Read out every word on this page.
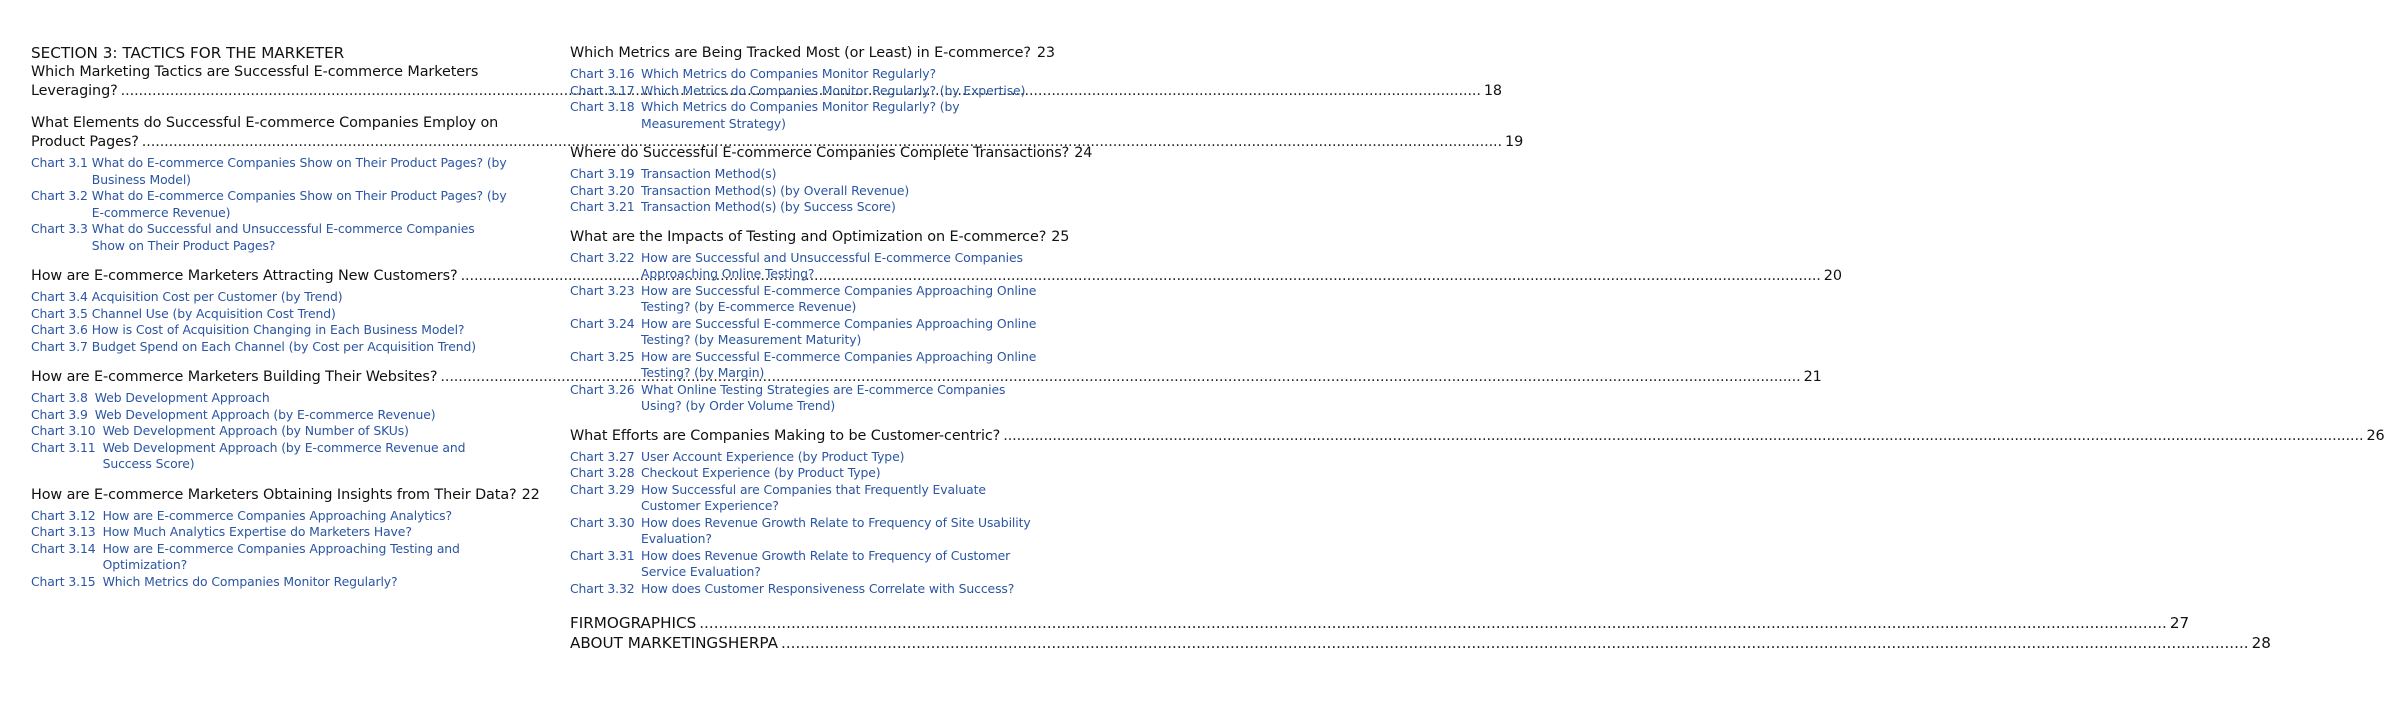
SECTION 3: TACTICS FOR THE MARKETER
Which Marketing Tactics are Successful E-commerce Marketers
Leveraging? .....	18
What Elements do Successful E-commerce Companies Employ on
Product Pages? .....	19
Chart 3.1 What do E-commerce Companies Show on Their Product Pages? (by Business Model)
Chart 3.2 What do E-commerce Companies Show on Their Product Pages? (by E-commerce Revenue)
Chart 3.3 What do Successful and Unsuccessful E-commerce Companies Show on Their Product Pages?
How are E-commerce Marketers Attracting New Customers? .....	20
Chart 3.4 Acquisition Cost per Customer (by Trend)
Chart 3.5 Channel Use (by Acquisition Cost Trend)
Chart 3.6 How is Cost of Acquisition Changing in Each Business Model?
Chart 3.7 Budget Spend on Each Channel (by Cost per Acquisition Trend)
How are E-commerce Marketers Building Their Websites? .....	21
Chart 3.8 Web Development Approach
Chart 3.9 Web Development Approach (by E-commerce Revenue)
Chart 3.10 Web Development Approach (by Number of SKUs)
Chart 3.11 Web Development Approach (by E-commerce Revenue and Success Score)
How are E-commerce Marketers Obtaining Insights from Their Data? 22
Chart 3.12 How are E-commerce Companies Approaching Analytics?
Chart 3.13 How Much Analytics Expertise do Marketers Have?
Chart 3.14 How are E-commerce Companies Approaching Testing and Optimization?
Chart 3.15 Which Metrics do Companies Monitor Regularly?
Which Metrics are Being Tracked Most (or Least) in E-commerce? 23
Chart 3.16 Which Metrics do Companies Monitor Regularly?
Chart 3.17 Which Metrics do Companies Monitor Regularly? (by Expertise)
Chart 3.18 Which Metrics do Companies Monitor Regularly? (by Measurement Strategy)
Where do Successful E-commerce Companies Complete Transactions? 24
Chart 3.19 Transaction Method(s)
Chart 3.20 Transaction Method(s) (by Overall Revenue)
Chart 3.21 Transaction Method(s) (by Success Score)
What are the Impacts of Testing and Optimization on E-commerce? 25
Chart 3.22 How are Successful and Unsuccessful E-commerce Companies Approaching Online Testing?
Chart 3.23 How are Successful E-commerce Companies Approaching Online Testing? (by E-commerce Revenue)
Chart 3.24 How are Successful E-commerce Companies Approaching Online Testing? (by Measurement Maturity)
Chart 3.25 How are Successful E-commerce Companies Approaching Online Testing? (by Margin)
Chart 3.26 What Online Testing Strategies are E-commerce Companies Using? (by Order Volume Trend)
What Efforts are Companies Making to be Customer-centric? .....	26
Chart 3.27 User Account Experience (by Product Type)
Chart 3.28 Checkout Experience (by Product Type)
Chart 3.29 How Successful are Companies that Frequently Evaluate Customer Experience?
Chart 3.30 How does Revenue Growth Relate to Frequency of Site Usability Evaluation?
Chart 3.31 How does Revenue Growth Relate to Frequency of Customer Service Evaluation?
Chart 3.32 How does Customer Responsiveness Correlate with Success?
FIRMOGRAPHICS .....	27
ABOUT MARKETINGSHERPA .....	28
